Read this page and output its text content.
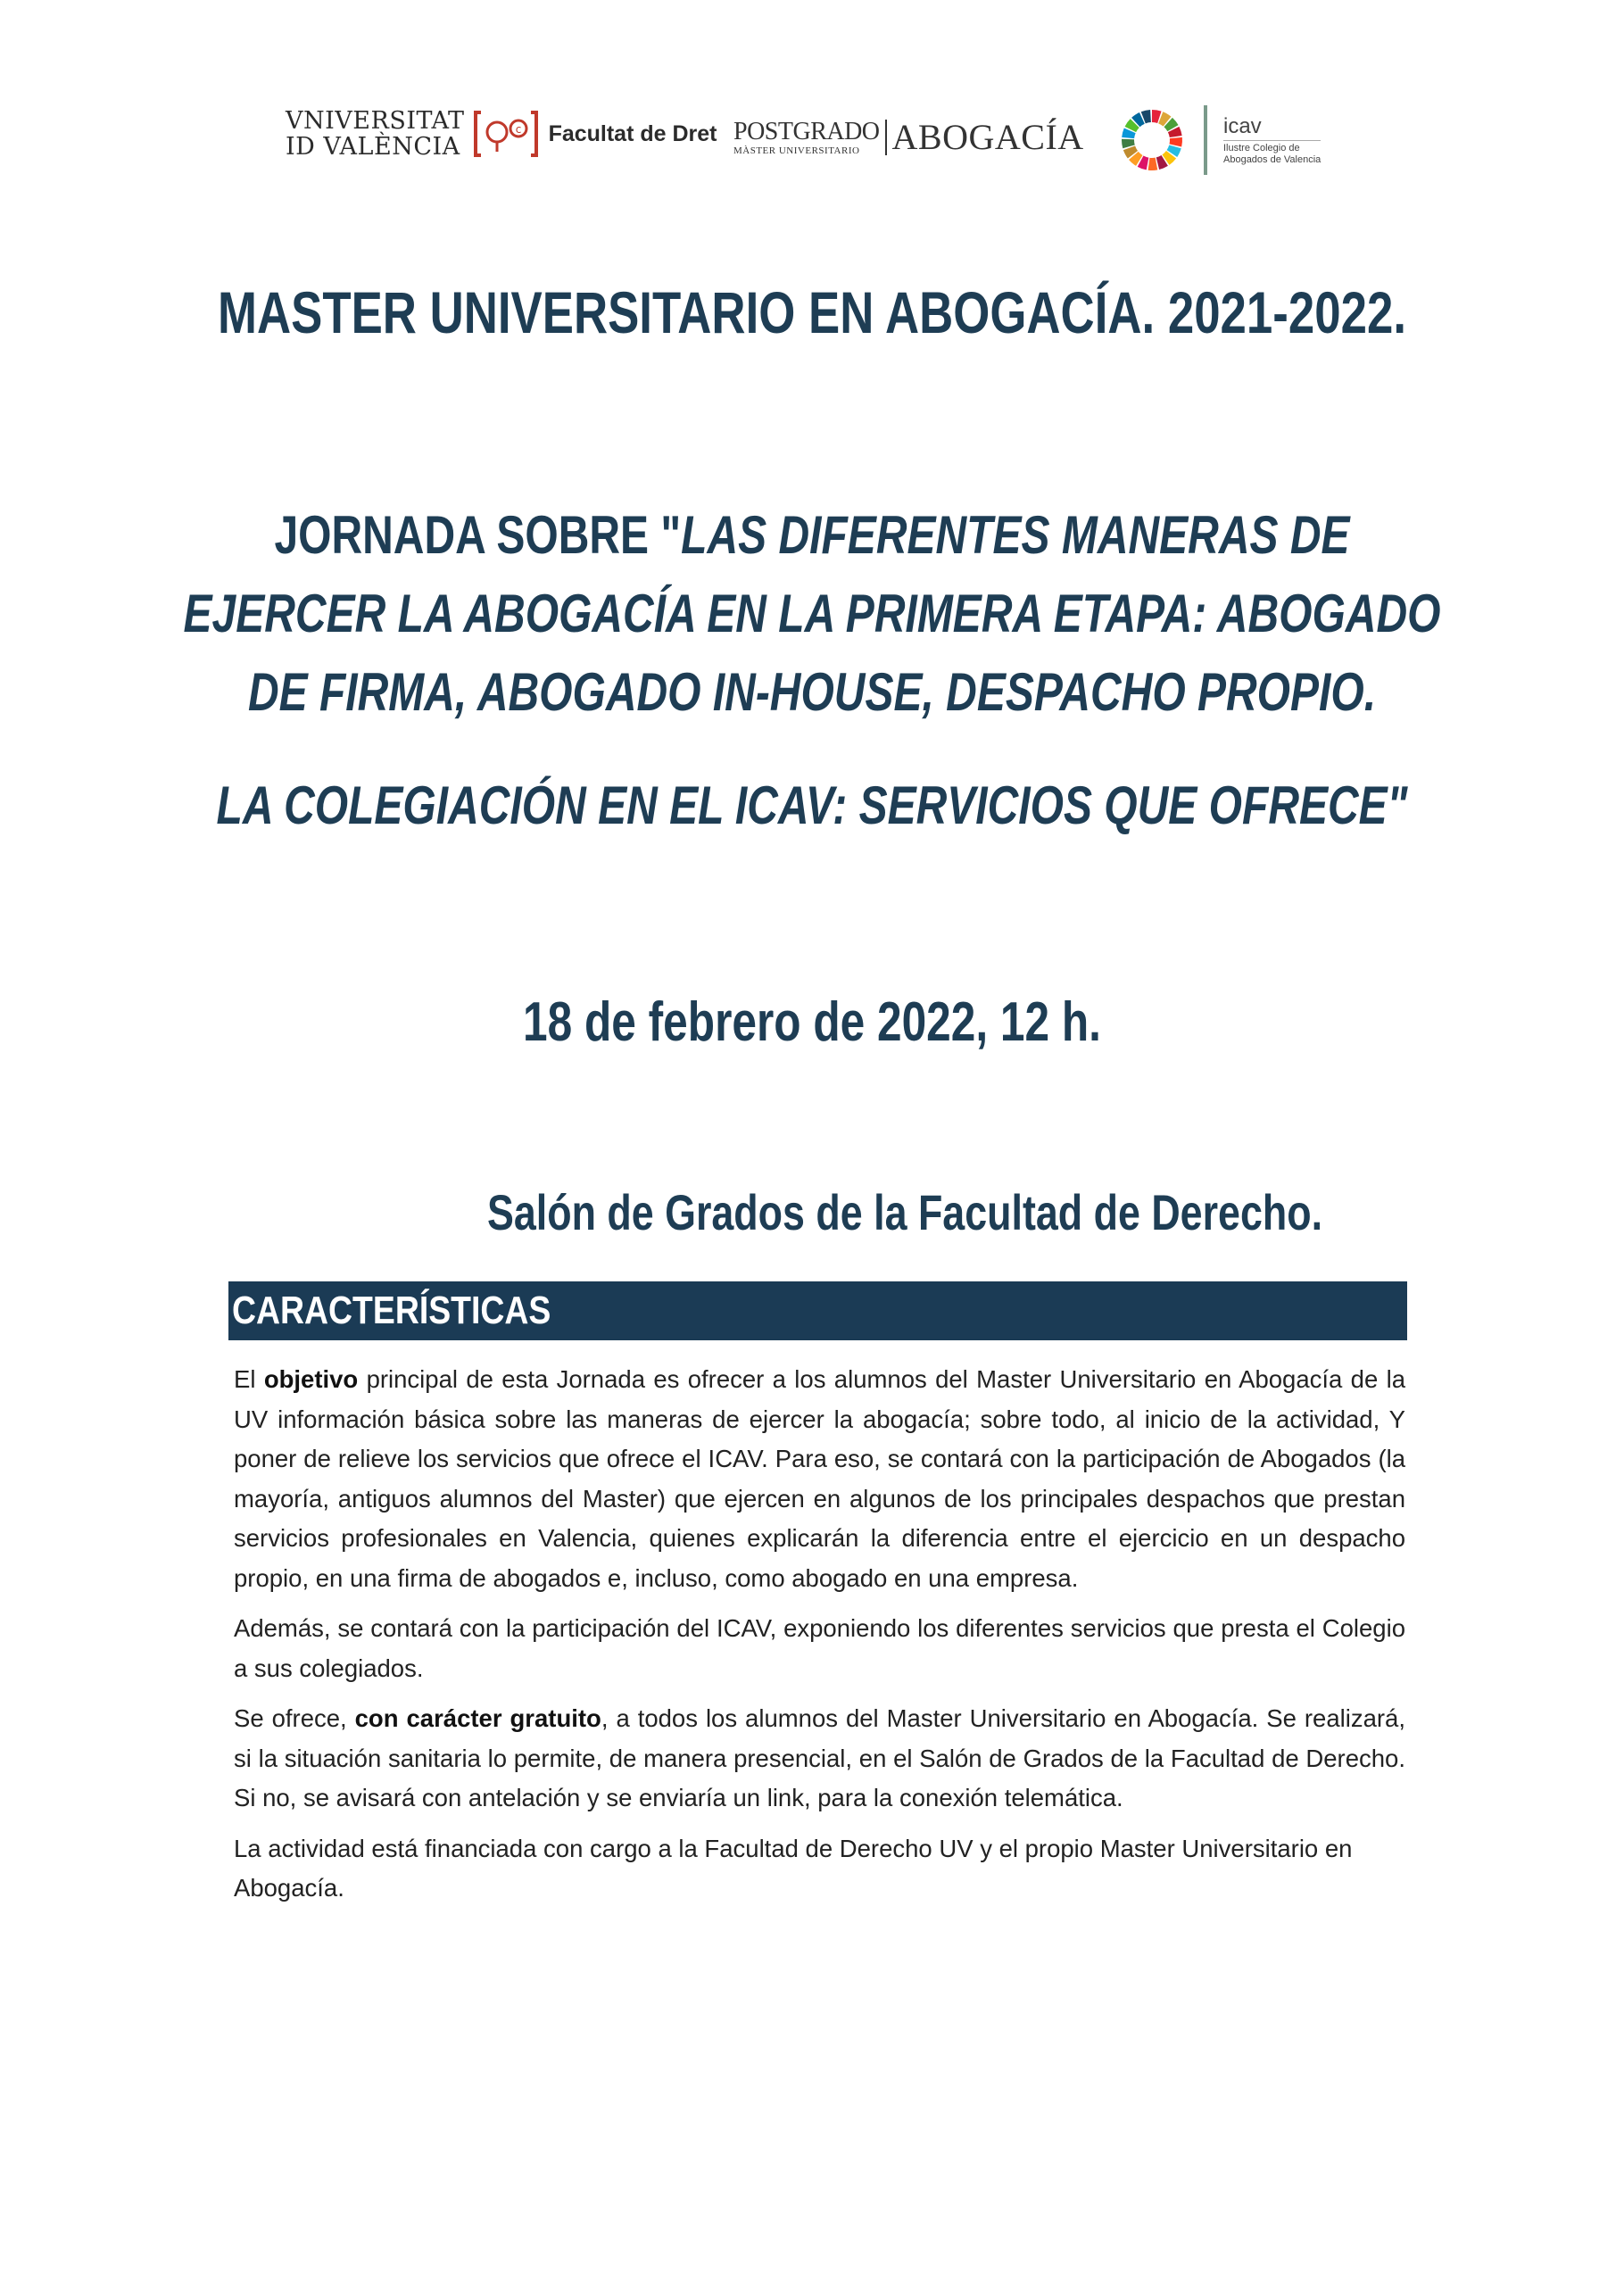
VNIVERSITAT
ID VALÈNCIA
c Facultat de Dret POSTGRADO
MÀSTER UNIVERSITARIO ABOGACÍA	icav
Ilustre Colegio de
Abogados de Valencia
MASTER UNIVERSITARIO EN ABOGACÍA. 2021-2022.
JORNADA SOBRE "LAS DIFERENTES MANERAS DE
EJERCER LA ABOGACÍA EN LA PRIMERA ETAPA: ABOGADO
DE FIRMA, ABOGADO IN-HOUSE, DESPACHO PROPIO.
LA COLEGIACIÓN EN EL ICAV: SERVICIOS QUE OFRECE"
18 de febrero de 2022, 12 h.
Salón de Grados de la Facultad de Derecho.
CARACTERÍSTICAS

El objetivo principal de esta Jornada es ofrecer a los alumnos del Master Universitario en Abogacía de la UV información básica sobre las maneras de ejercer la abogacía; sobre todo, al inicio de la actividad, Y poner de relieve los servicios que ofrece el ICAV. Para eso, se contará con la participación de Abogados (la mayoría, antiguos alumnos del Master) que ejercen en algunos de los principales despachos que prestan servicios profesionales en Valencia, quienes explicarán la diferencia entre el ejercicio en un despacho propio, en una firma de abogados e, incluso, como abogado en una empresa.

Además, se contará con la participación del ICAV, exponiendo los diferentes servicios que presta el Colegio a sus colegiados.

Se ofrece, con carácter gratuito, a todos los alumnos del Master Universitario en Abogacía. Se realizará, si la situación sanitaria lo permite, de manera presencial, en el Salón de Grados de la Facultad de Derecho. Si no, se avisará con antelación y se enviaría un link, para la conexión telemática.

La actividad está financiada con cargo a la Facultad de Derecho UV y el propio Master Universitario en Abogacía.
